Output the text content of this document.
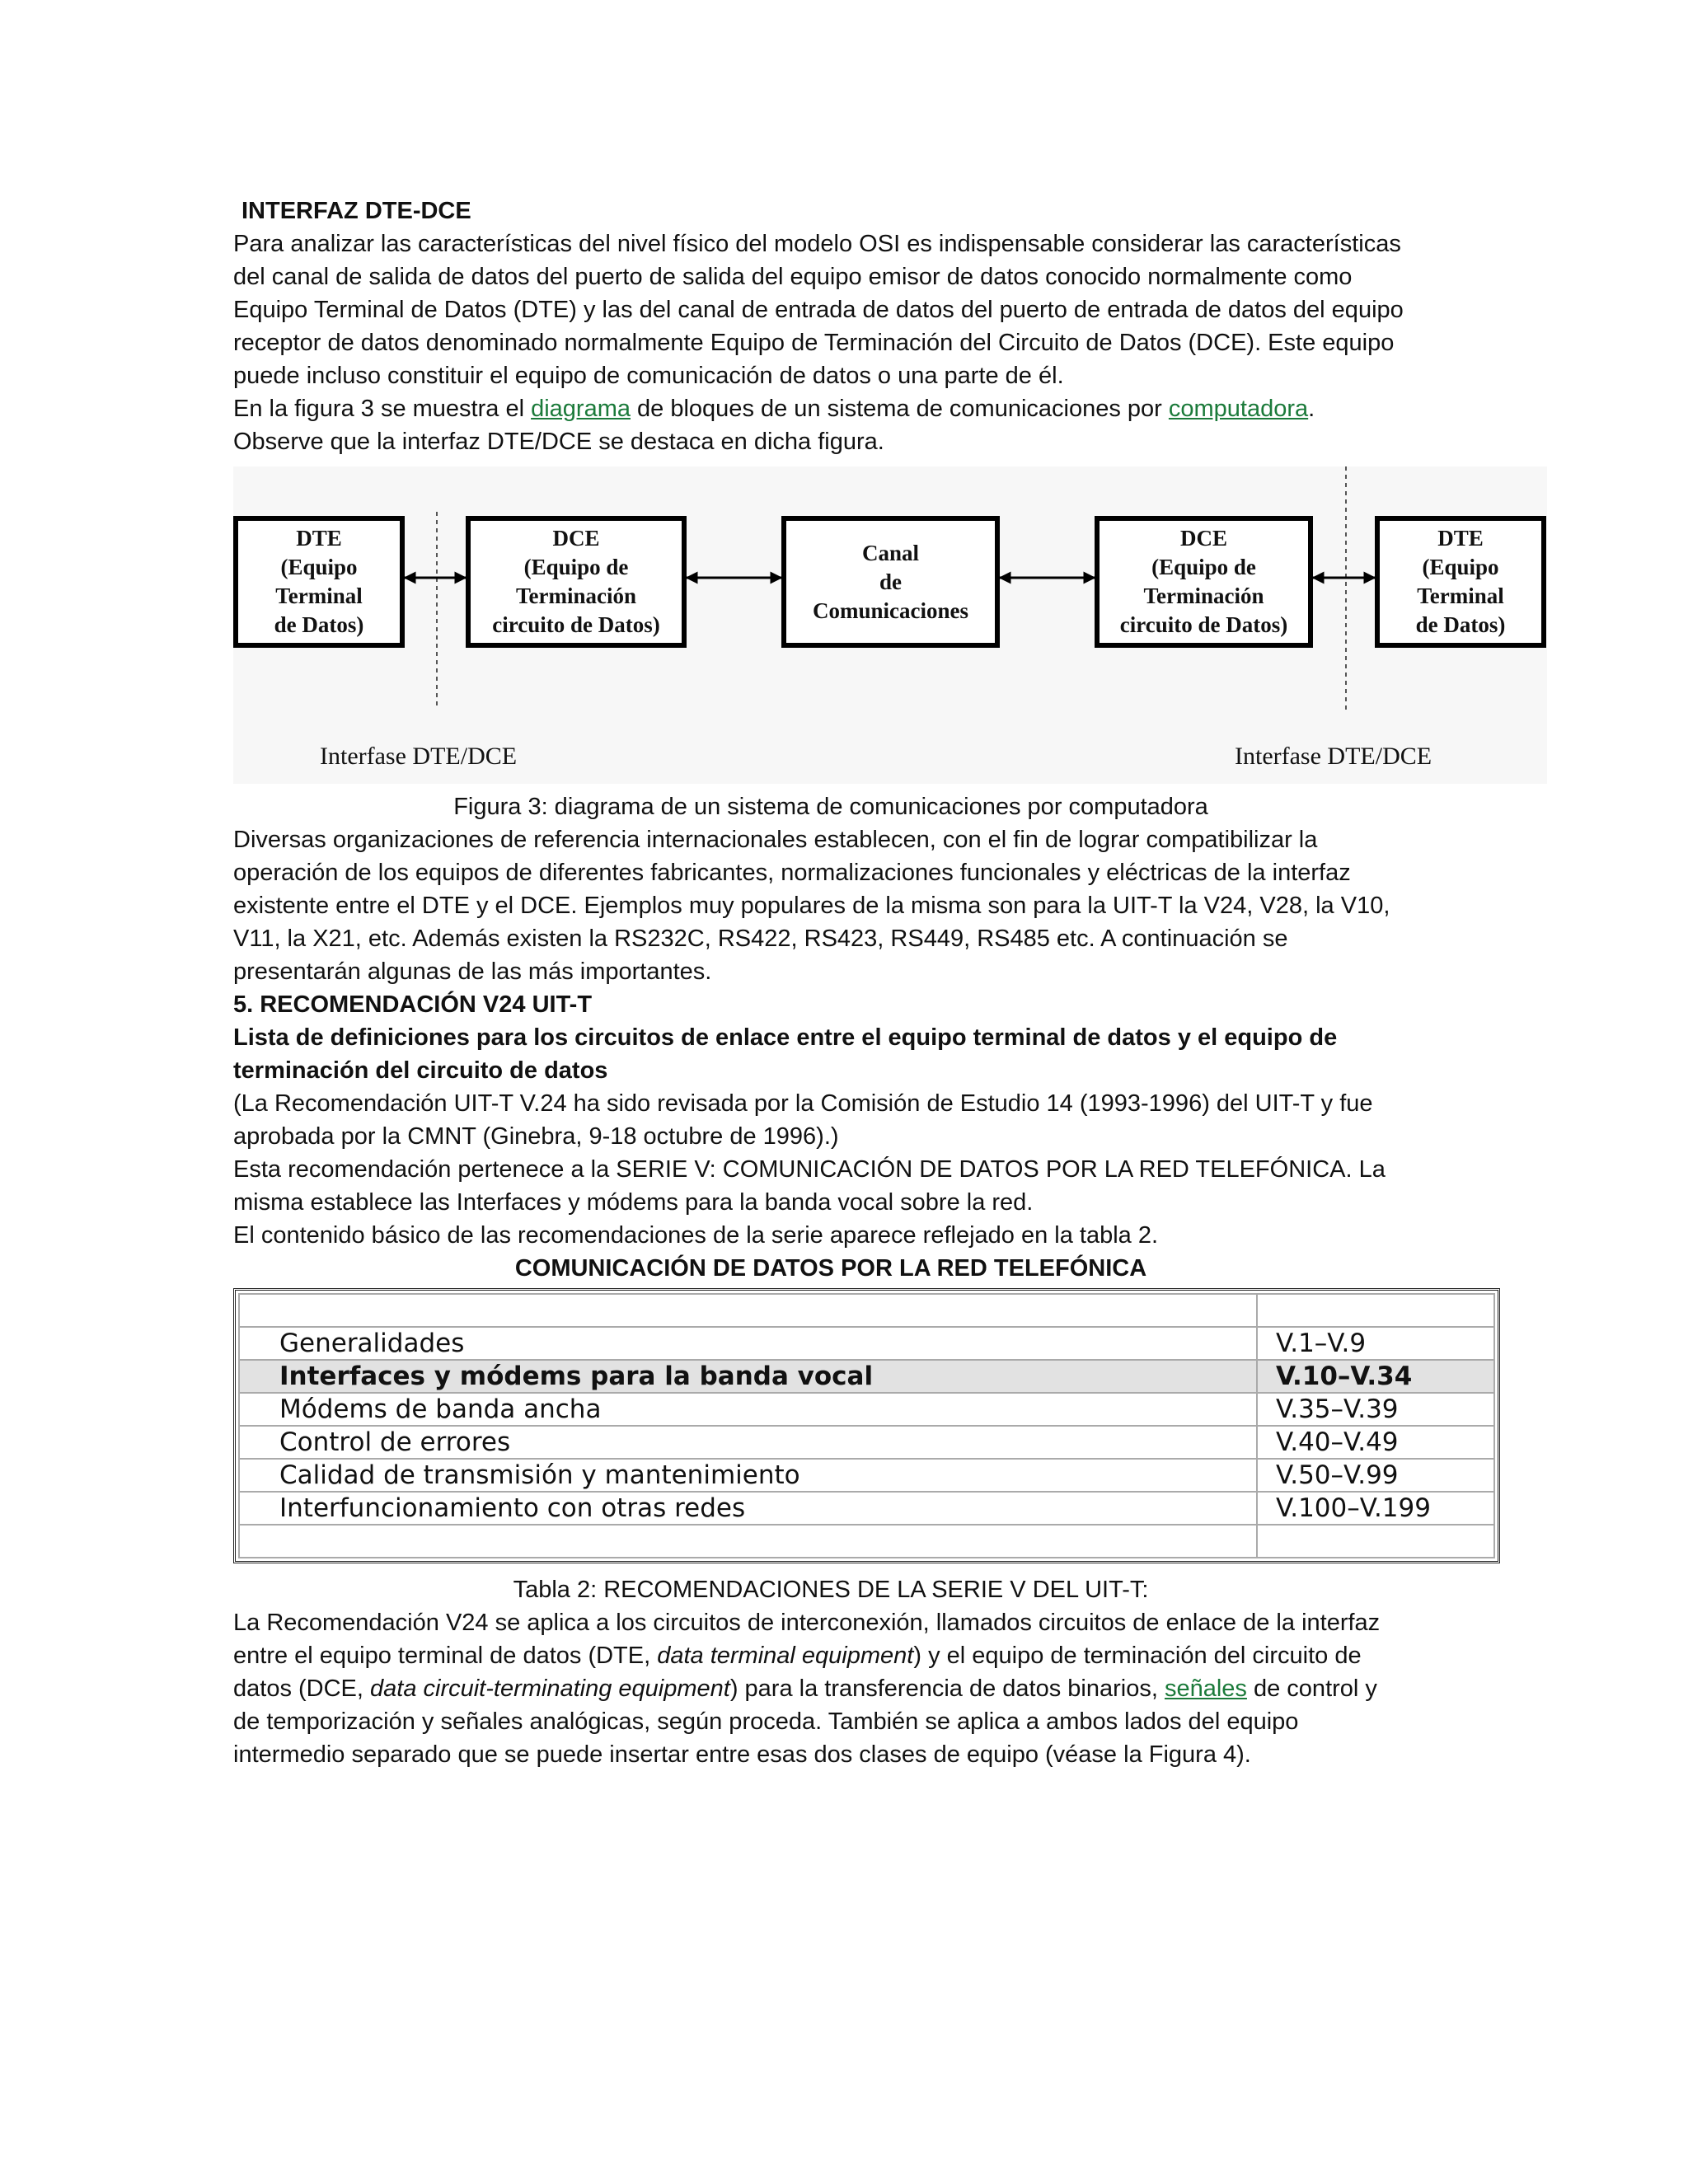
INTERFAZ DTE-DCE
Para analizar las características del nivel físico del modelo OSI es indispensable considerar las características
del canal de salida de datos del puerto de salida del equipo emisor de datos conocido normalmente como
Equipo Terminal de Datos (DTE) y las del canal de entrada de datos del puerto de entrada de datos del equipo
receptor de datos denominado normalmente Equipo de Terminación del Circuito de Datos (DCE). Este equipo
puede incluso constituir el equipo de comunicación de datos o una parte de él.
En la figura 3 se muestra el diagrama de bloques de un sistema de comunicaciones por computadora.
Observe que la interfaz DTE/DCE se destaca en dicha figura.
DTE
(Equipo
Terminal
de Datos)
DCE
(Equipo de
Terminación
circuito de Datos)
Canal
de
Comunicaciones
DCE
(Equipo de
Terminación
circuito de Datos)
DTE
(Equipo
Terminal
de Datos)
Interfase DTE/DCE	Interfase DTE/DCE
Figura 3: diagrama de un sistema de comunicaciones por computadora
Diversas organizaciones de referencia internacionales establecen, con el fin de lograr compatibilizar la
operación de los equipos de diferentes fabricantes, normalizaciones funcionales y eléctricas de la interfaz
existente entre el DTE y el DCE. Ejemplos muy populares de la misma son para la UIT-T la V24, V28, la V10,
V11, la X21, etc. Además existen la RS232C, RS422, RS423, RS449, RS485 etc. A continuación se
presentarán algunas de las más importantes.
5. RECOMENDACIÓN V24 UIT-T
Lista de definiciones para los circuitos de enlace entre el equipo terminal de datos y el equipo de
terminación del circuito de datos
(La Recomendación UIT-T V.24 ha sido revisada por la Comisión de Estudio 14 (1993-1996) del UIT-T y fue
aprobada por la CMNT (Ginebra, 9-18 octubre de 1996).)
Esta recomendación pertenece a la SERIE V: COMUNICACIÓN DE DATOS POR LA RED TELEFÓNICA. La
misma establece las Interfaces y módems para la banda vocal sobre la red.
El contenido básico de las recomendaciones de la serie aparece reflejado en la tabla 2.
COMUNICACIÓN DE DATOS POR LA RED TELEFÓNICA

Generalidades	V.1–V.9
Interfaces y módems para la banda vocal	V.10–V.34
Módems de banda ancha	V.35–V.39
Control de errores	V.40–V.49
Calidad de transmisión y mantenimiento	V.50–V.99
Interfuncionamiento con otras redes	V.100–V.199

Tabla 2: RECOMENDACIONES DE LA SERIE V DEL UIT-T:
La Recomendación V24 se aplica a los circuitos de interconexión, llamados circuitos de enlace de la interfaz
entre el equipo terminal de datos (DTE, data terminal equipment) y el equipo de terminación del circuito de
datos (DCE, data circuit-terminating equipment) para la transferencia de datos binarios, señales de control y
de temporización y señales analógicas, según proceda. También se aplica a ambos lados del equipo
intermedio separado que se puede insertar entre esas dos clases de equipo (véase la Figura 4).
